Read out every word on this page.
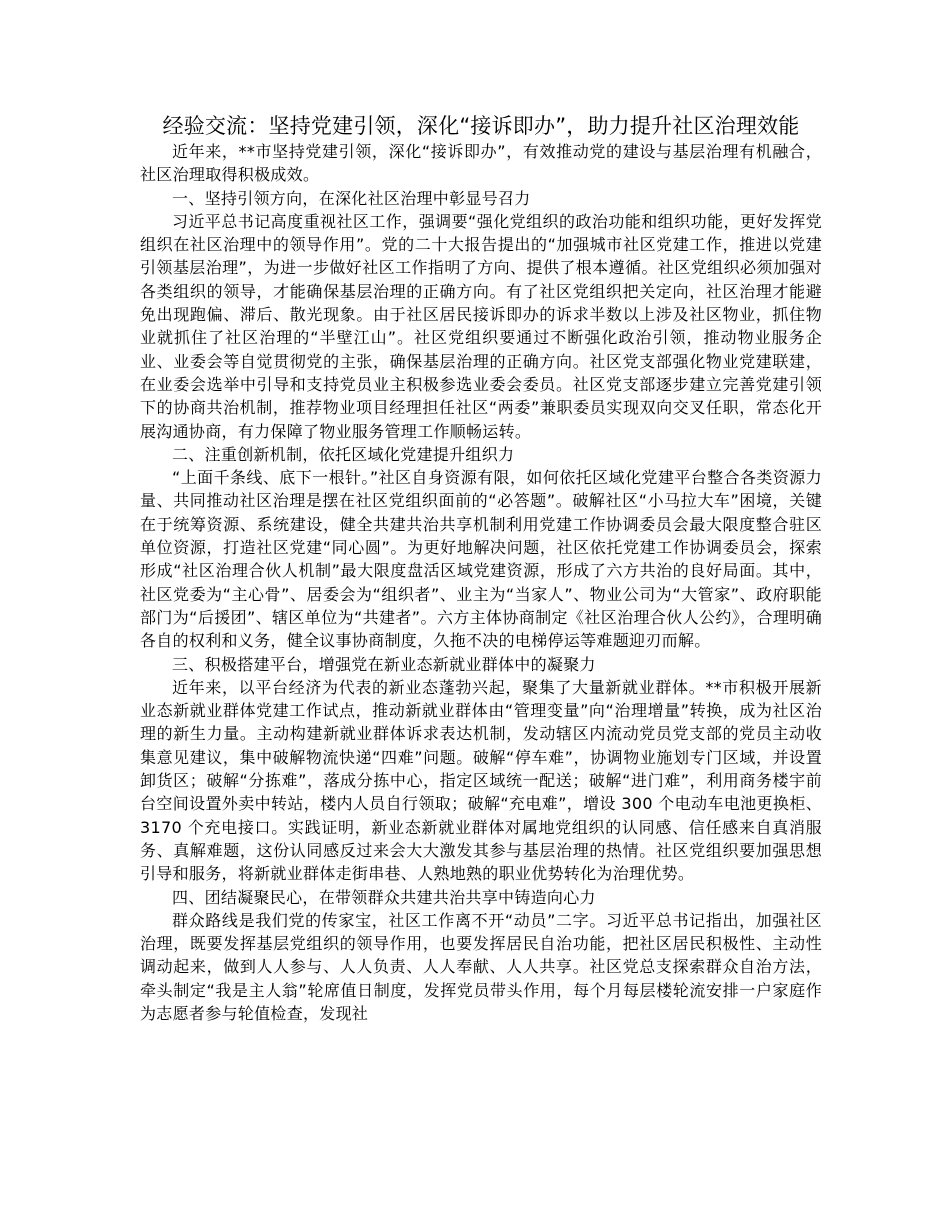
经验交流：坚持党建引领，深化“接诉即办”，助力提升社区治理效能

近年来，**市坚持党建引领，深化“接诉即办”，有效推动党的建设与基层治理有机融合，社区治理取得积极成效。

一、坚持引领方向，在深化社区治理中彰显号召力

习近平总书记高度重视社区工作，强调要“强化党组织的政治功能和组织功能，更好发挥党组织在社区治理中的领导作用”。党的二十大报告提出的“加强城市社区党建工作，推进以党建引领基层治理”，为进一步做好社区工作指明了方向、提供了根本遵循。社区党组织必须加强对各类组织的领导，才能确保基层治理的正确方向。有了社区党组织把关定向，社区治理才能避免出现跑偏、滞后、散光现象。由于社区居民接诉即办的诉求半数以上涉及社区物业，抓住物业就抓住了社区治理的“半壁江山”。社区党组织要通过不断强化政治引领，推动物业服务企业、业委会等自觉贯彻党的主张，确保基层治理的正确方向。社区党支部强化物业党建联建，在业委会选举中引导和支持党员业主积极参选业委会委员。社区党支部逐步建立完善党建引领下的协商共治机制，推荐物业项目经理担任社区“两委”兼职委员实现双向交叉任职，常态化开展沟通协商，有力保障了物业服务管理工作顺畅运转。

二、注重创新机制，依托区域化党建提升组织力

“上面千条线、底下一根针。”社区自身资源有限，如何依托区域化党建平台整合各类资源力量、共同推动社区治理是摆在社区党组织面前的“必答题”。破解社区“小马拉大车”困境，关键在于统筹资源、系统建设，健全共建共治共享机制利用党建工作协调委员会最大限度整合驻区单位资源，打造社区党建“同心圆”。为更好地解决问题，社区依托党建工作协调委员会，探索形成“社区治理合伙人机制”最大限度盘活区域党建资源，形成了六方共治的良好局面。其中，社区党委为“主心骨”、居委会为“组织者”、业主为“当家人”、物业公司为“大管家”、政府职能部门为“后援团”、辖区单位为“共建者”。六方主体协商制定《社区治理合伙人公约》，合理明确各自的权利和义务，健全议事协商制度，久拖不决的电梯停运等难题迎刃而解。

三、积极搭建平台，增强党在新业态新就业群体中的凝聚力

近年来，以平台经济为代表的新业态蓬勃兴起，聚集了大量新就业群体。**市积极开展新业态新就业群体党建工作试点，推动新就业群体由“管理变量”向“治理增量”转换，成为社区治理的新生力量。主动构建新就业群体诉求表达机制，发动辖区内流动党员党支部的党员主动收集意见建议，集中破解物流快递“四难”问题。破解“停车难”，协调物业施划专门区域，并设置卸货区；破解“分拣难”，落成分拣中心，指定区域统一配送；破解“进门难”，利用商务楼宇前台空间设置外卖中转站，楼内人员自行领取；破解“充电难”，增设 300 个电动车电池更换柜、3170 个充电接口。实践证明，新业态新就业群体对属地党组织的认同感、信任感来自真消服务、真解难题，这份认同感反过来会大大激发其参与基层治理的热情。社区党组织要加强思想引导和服务，将新就业群体走街串巷、人熟地熟的职业优势转化为治理优势。

四、团结凝聚民心，在带领群众共建共治共享中铸造向心力

群众路线是我们党的传家宝，社区工作离不开“动员”二字。习近平总书记指出，加强社区治理，既要发挥基层党组织的领导作用，也要发挥居民自治功能，把社区居民积极性、主动性调动起来，做到人人参与、人人负责、人人奉献、人人共享。社区党总支探索群众自治方法，牵头制定“我是主人翁”轮席值日制度，发挥党员带头作用，每个月每层楼轮流安排一户家庭作为志愿者参与轮值检查，发现社
